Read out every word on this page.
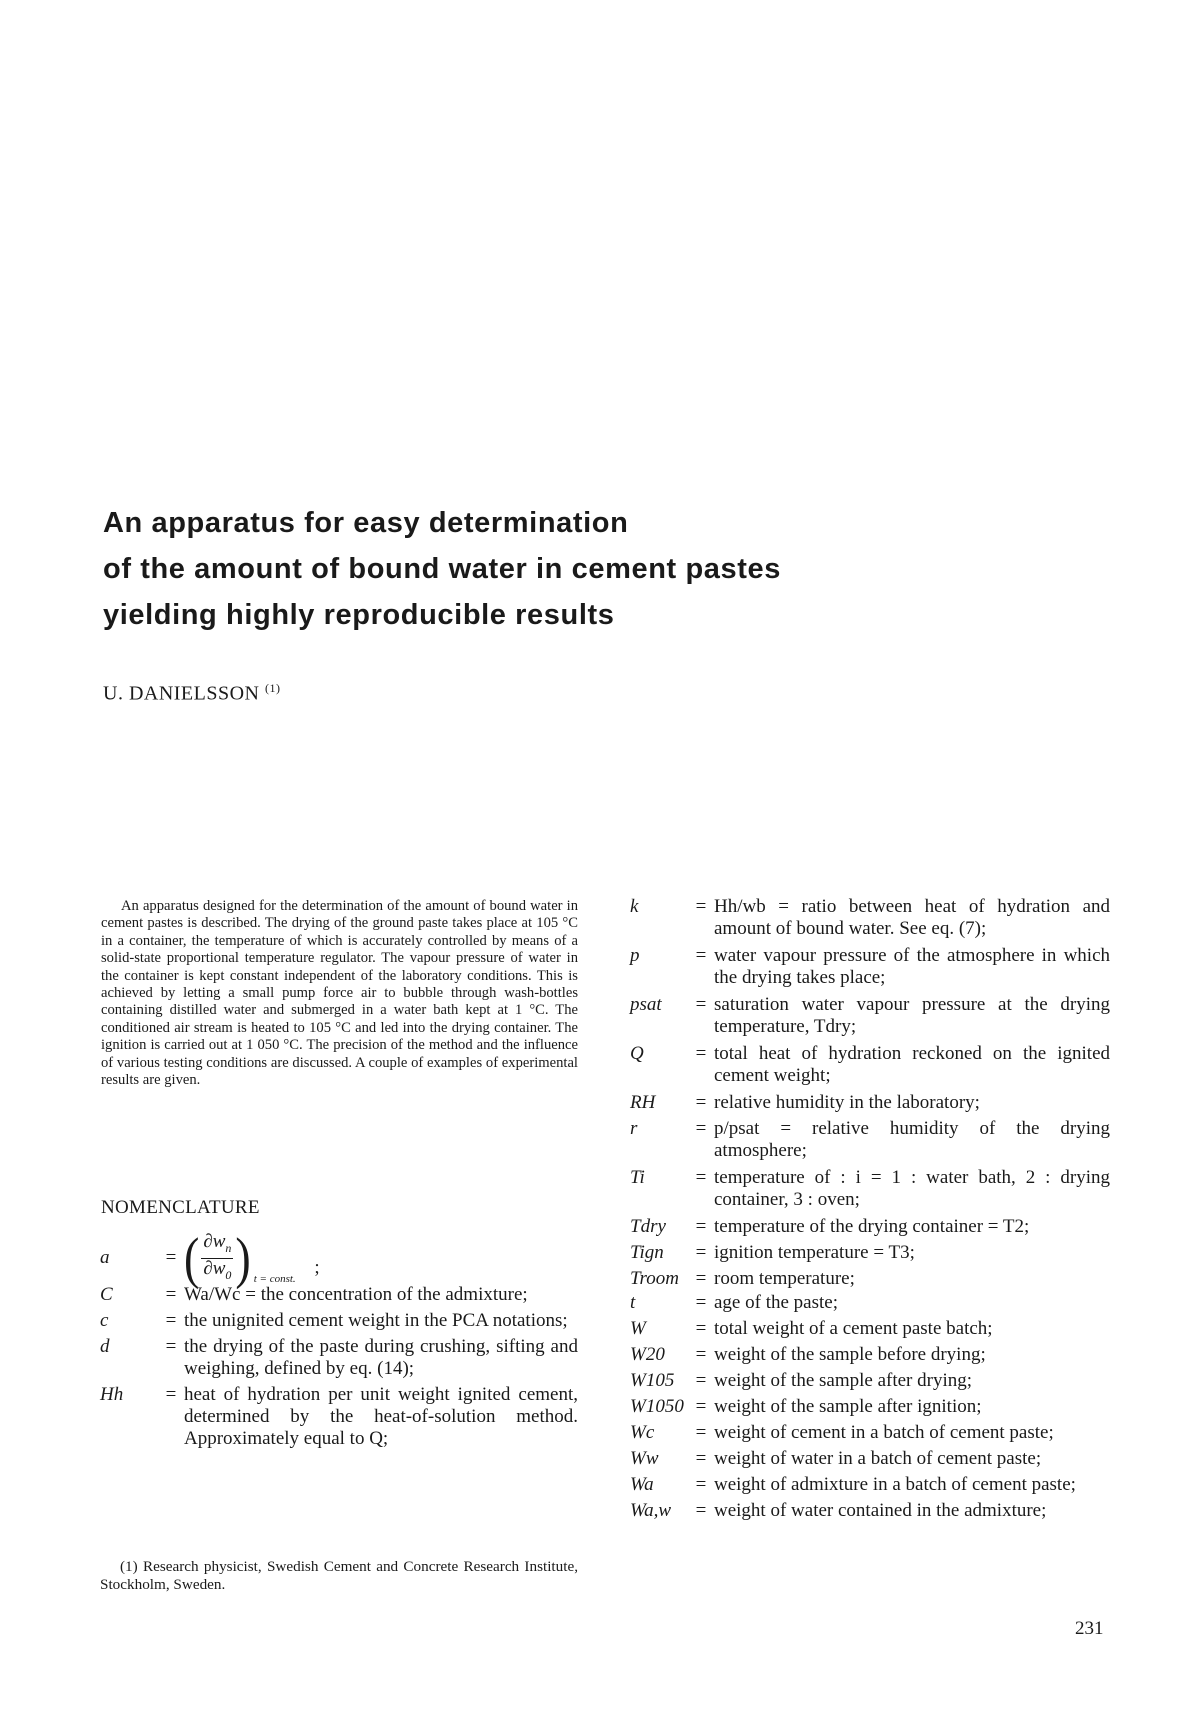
An apparatus for easy determination
of the amount of bound water in cement pastes
yielding highly reproducible results
U. DANIELSSON $^{(1)}$
An apparatus designed for the determination of the amount of bound water in cement pastes is described. The drying of the ground paste takes place at 105 °C in a container, the temperature of which is accurately controlled by means of a solid-state proportional temperature regulator. The vapour pressure of water in the container is kept constant independent of the laboratory conditions. This is achieved by letting a small pump force air to bubble through wash-bottles containing distilled water and submerged in a water bath kept at 1 °C. The conditioned air stream is heated to 105 °C and led into the drying container. The ignition is carried out at 1 050 °C. The precision of the method and the influence of various testing conditions are discussed. A couple of examples of experimental results are given.
NOMENCLATURE
a	= ( $\frac{\partial w_n}{\partial w_0}$ ) t = const.
;
C	= Wa/Wc = the concentration of the admixture;
c	= the unignited cement weight in the PCA notations;
d	= the drying of the paste during crushing, sifting and weighing, defined by eq. (14);
Hh	= heat of hydration per unit weight ignited cement, determined by the heat-of-solution method. Approximately equal to Q;
k	= Hh/wb = ratio between heat of hydration and amount of bound water. See eq. (7);
p	= water vapour pressure of the atmosphere in which the drying takes place;
psat	= saturation water vapour pressure at the drying temperature, Tdry;
Q	= total heat of hydration reckoned on the ignited cement weight;
RH	= relative humidity in the laboratory;
r	= p/psat = relative humidity of the drying atmosphere;
Ti	= temperature of : i = 1 : water bath, 2 : drying container, 3 : oven;
Tdry	= temperature of the drying container = T2;
Tign	= ignition temperature = T3;
Troom = room temperature;
t	= age of the paste;
W	= total weight of a cement paste batch;
W20	= weight of the sample before drying;
W105	= weight of the sample after drying;
W1050 = weight of the sample after ignition;
Wc	= weight of cement in a batch of cement paste;
Ww	= weight of water in a batch of cement paste;
Wa	= weight of admixture in a batch of cement paste;
Wa,w	= weight of water contained in the admixture;
(1) Research physicist, Swedish Cement and Concrete Research Institute, Stockholm, Sweden.
231
